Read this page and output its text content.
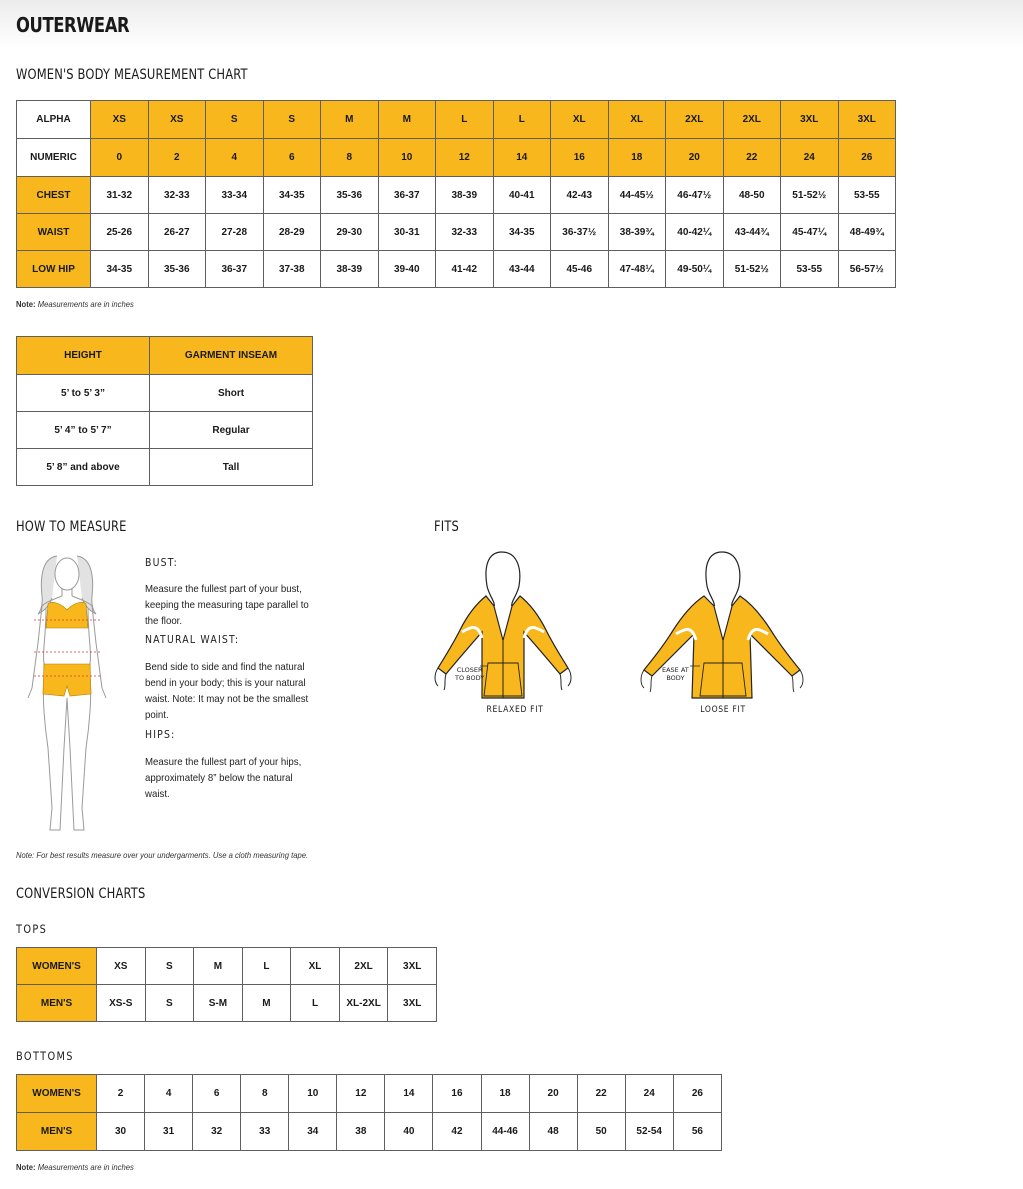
OUTERWEAR
WOMEN'S BODY MEASUREMENT CHART
ALPHA	XS	XS	S	S	M	M	L	L	XL	XL	2XL	2XL	3XL	3XL
NUMERIC	0	2	4	6	8	10	12	14	16	18	20	22	24	26
CHEST	31-32	32-33	33-34	34-35	35-36	36-37	38-39	40-41	42-43	44-45½	46-47½	48-50	51-52½	53-55
WAIST	25-26	26-27	27-28	28-29	29-30	30-31	32-33	34-35	36-37½	38-39¾	40-42¼	43-44¾	45-47¼	48-49¾
LOW HIP	34-35	35-36	36-37	37-38	38-39	39-40	41-42	43-44	45-46	47-48¼	49-50¼	51-52½	53-55	56-57½
Note: Measurements are in inches
HEIGHT	GARMENT INSEAM
5’ to 5’ 3”	Short
5’ 4” to 5’ 7”	Regular
5’ 8” and above	Tall
HOW TO MEASURE
BUST:
Measure the fullest part of your bust, keeping the measuring tape parallel to the floor.
NATURAL WAIST:
Bend side to side and find the natural bend in your body; this is your natural waist. Note: It may not be the smallest point.
HIPS:
Measure the fullest part of your hips, approximately 8” below the natural waist.
Note: For best results measure over your undergarments. Use a cloth measuring tape.
FITS
CLOSER
TO BODY
RELAXED FIT
EASE AT
BODY
LOOSE FIT
CONVERSION CHARTS
TOPS
WOMEN'S	XS	S	M	L	XL	2XL	3XL
MEN'S	XS-S	S	S-M	M	L	XL-2XL	3XL
BOTTOMS
WOMEN'S	2	4	6	8	10	12	14	16	18	20	22	24	26
MEN'S	30	31	32	33	34	38	40	42	44-46	48	50	52-54	56
Note: Measurements are in inches
